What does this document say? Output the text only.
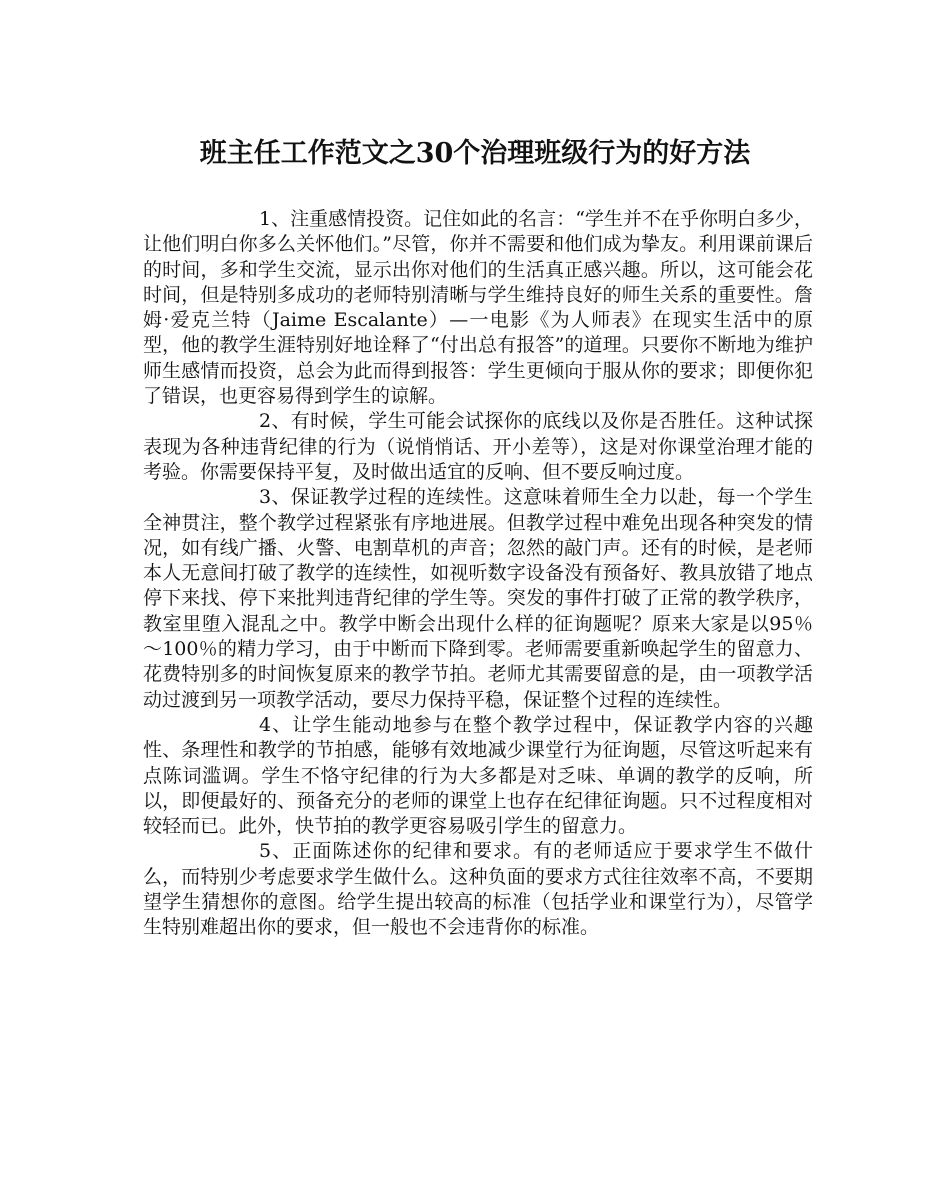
班主任工作范文之30个治理班级行为的好方法

1、注重感情投资。记住如此的名言：“学生并不在乎你明白多少，让他们明白你多么关怀他们。”尽管，你并不需要和他们成为挚友。利用课前课后的时间，多和学生交流，显示出你对他们的生活真正感兴趣。所以，这可能会花时间，但是特别多成功的老师特别清晰与学生维持良好的师生关系的重要性。詹姆·爱克兰特（Jaime Escalante）—一电影《为人师表》在现实生活中的原型，他的教学生涯特别好地诠释了“付出总有报答”的道理。只要你不断地为维护师生感情而投资，总会为此而得到报答：学生更倾向于服从你的要求；即便你犯了错误，也更容易得到学生的谅解。

2、有时候，学生可能会试探你的底线以及你是否胜任。这种试探表现为各种违背纪律的行为（说悄悄话、开小差等），这是对你课堂治理才能的考验。你需要保持平复，及时做出适宜的反响、但不要反响过度。

3、保证教学过程的连续性。这意味着师生全力以赴，每一个学生全神贯注，整个教学过程紧张有序地进展。但教学过程中难免出现各种突发的情况，如有线广播、火警、电割草机的声音；忽然的敲门声。还有的时候，是老师本人无意间打破了教学的连续性，如视听数字设备没有预备好、教具放错了地点停下来找、停下来批判违背纪律的学生等。突发的事件打破了正常的教学秩序，教室里堕入混乱之中。教学中断会出现什么样的征询题呢？原来大家是以95％～100％的精力学习，由于中断而下降到零。老师需要重新唤起学生的留意力、花费特别多的时间恢复原来的教学节拍。老师尤其需要留意的是，由一项教学活动过渡到另一项教学活动，要尽力保持平稳，保证整个过程的连续性。

4、让学生能动地参与在整个教学过程中，保证教学内容的兴趣性、条理性和教学的节拍感，能够有效地减少课堂行为征询题，尽管这听起来有点陈词滥调。学生不恪守纪律的行为大多都是对乏味、单调的教学的反响，所以，即便最好的、预备充分的老师的课堂上也存在纪律征询题。只不过程度相对较轻而已。此外，快节拍的教学更容易吸引学生的留意力。

5、正面陈述你的纪律和要求。有的老师适应于要求学生不做什么，而特别少考虑要求学生做什么。这种负面的要求方式往往效率不高，不要期望学生猜想你的意图。给学生提出较高的标准（包括学业和课堂行为），尽管学生特别难超出你的要求，但一般也不会违背你的标准。
